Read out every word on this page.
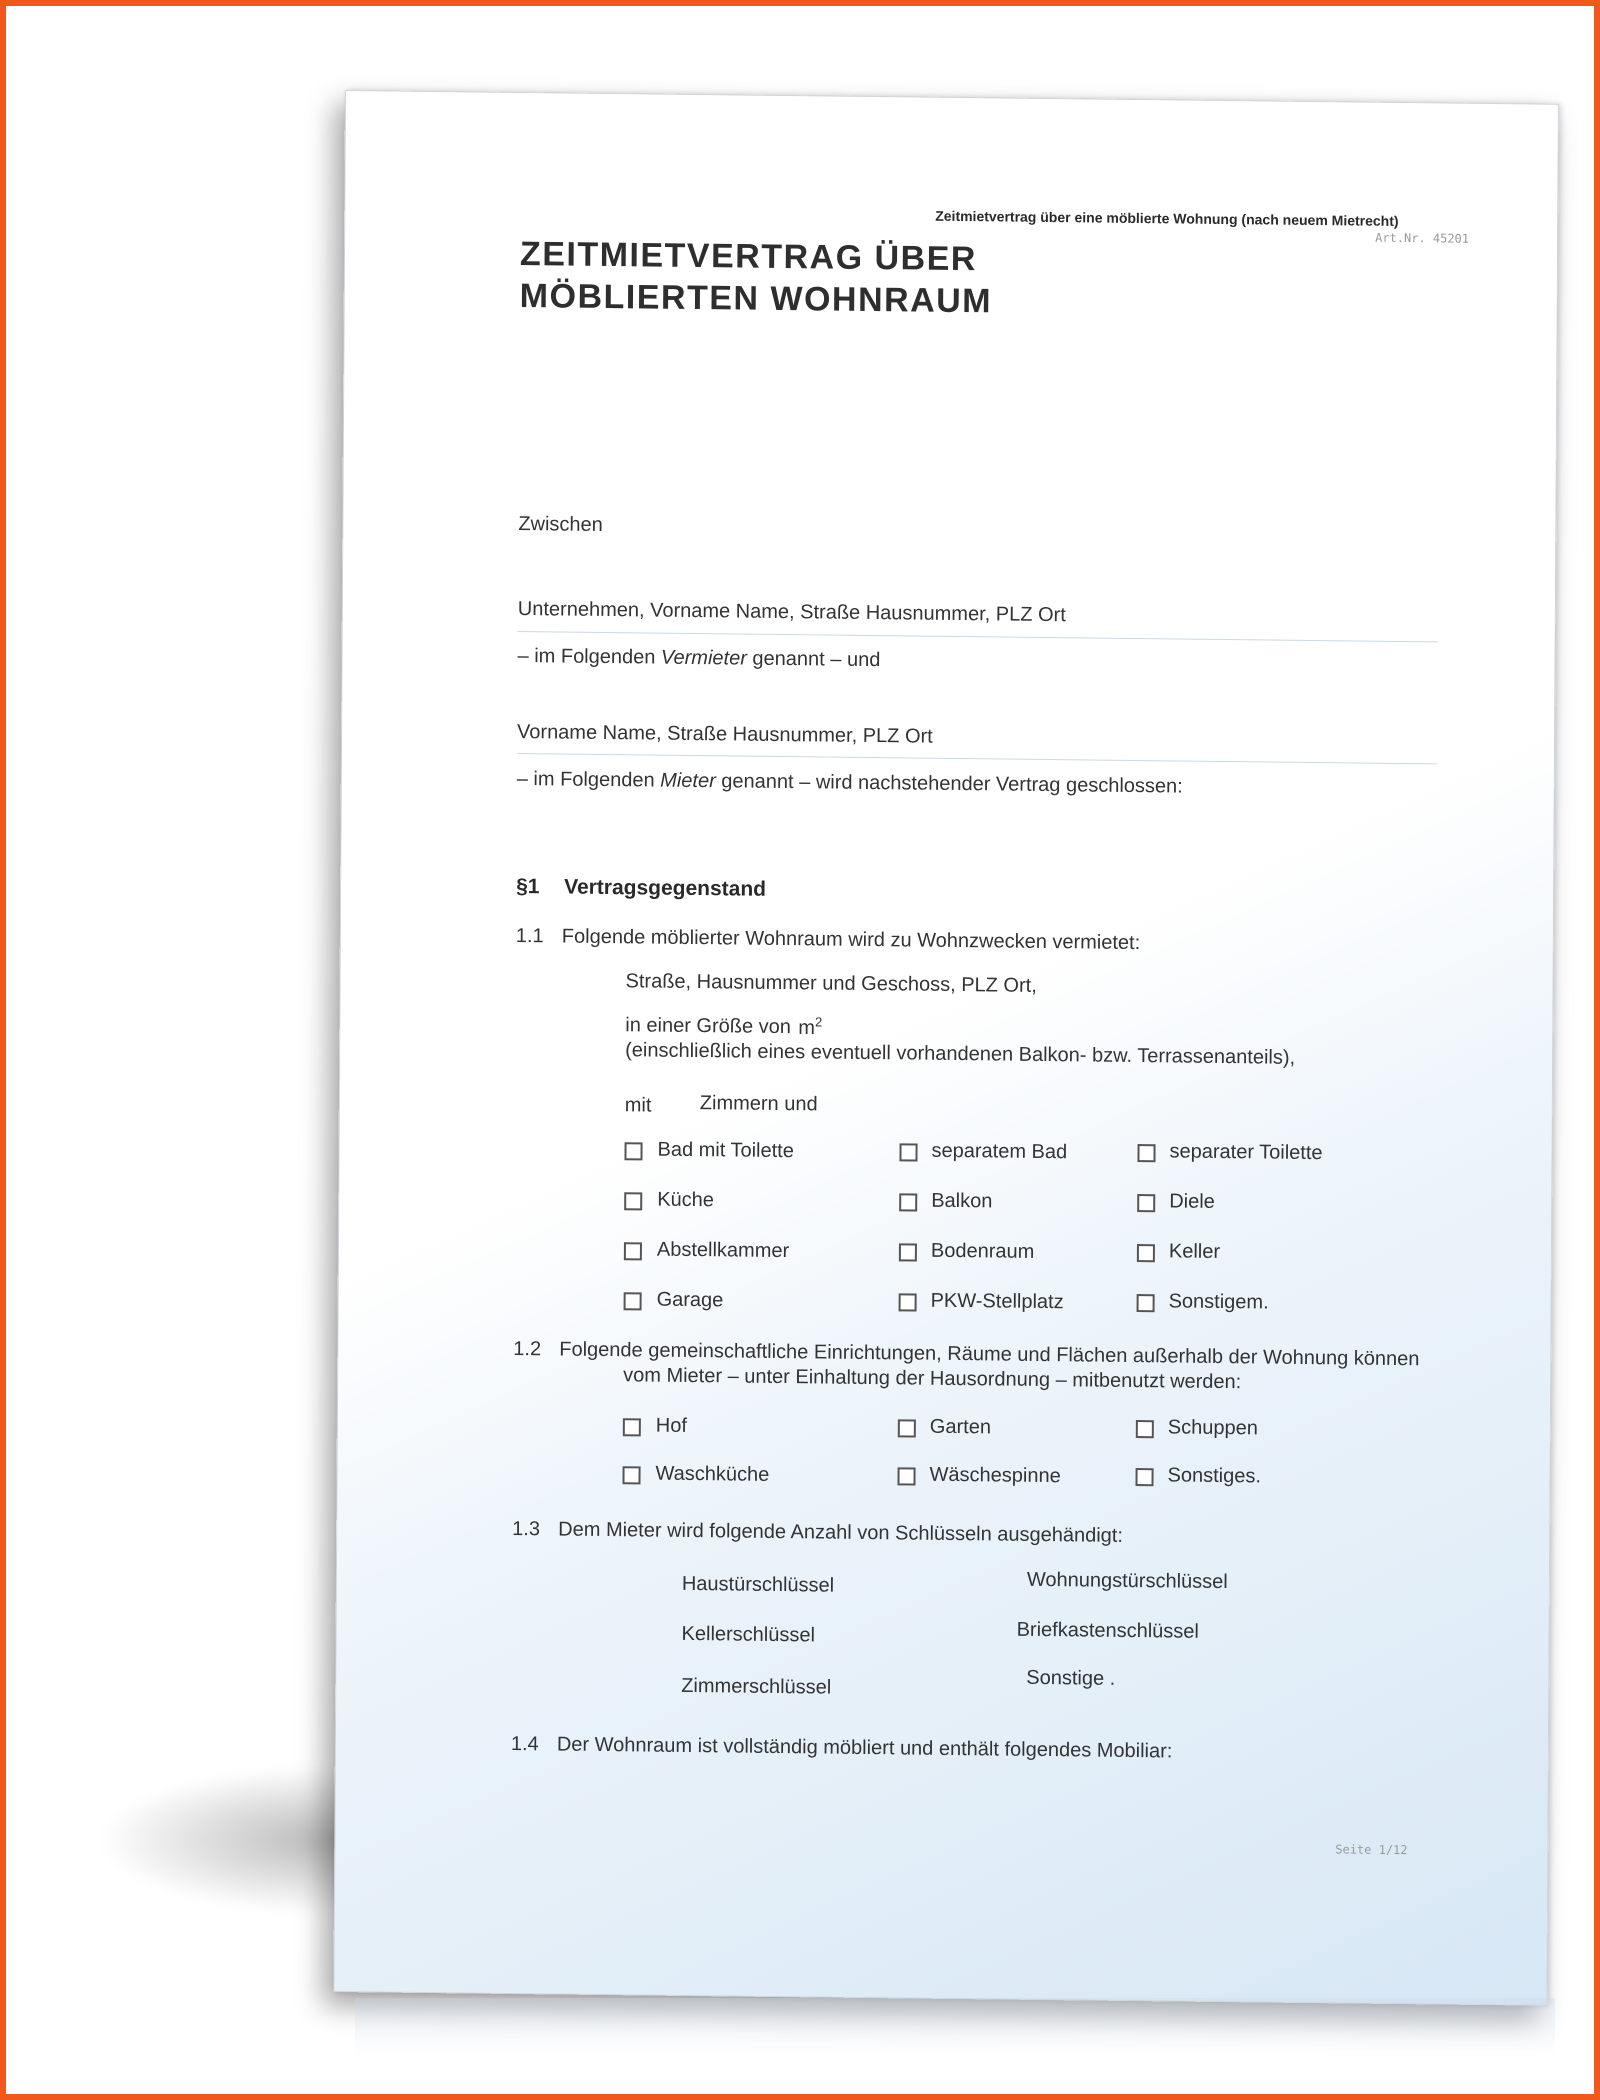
Zeitmietvertrag über eine möblierte Wohnung (nach neuem Mietrecht)
Art.Nr. 45201
ZEITMIETVERTRAG ÜBER
MÖBLIERTEN WOHNRAUM
Zwischen
Unternehmen, Vorname Name, Straße Hausnummer, PLZ Ort
– im Folgenden Vermieter genannt – und
Vorname Name, Straße Hausnummer, PLZ Ort
– im Folgenden Mieter genannt – wird nachstehender Vertrag geschlossen:
§1 Vertragsgegenstand
1.1 Folgende möblierter Wohnraum wird zu Wohnzwecken vermietet:
Straße, Hausnummer und Geschoss, PLZ Ort,
in einer Größe von $m^2$
(einschließlich eines eventuell vorhandenen Balkon- bzw. Terrassenanteils),
mit Zimmern und
Bad mit Toilette	separatem Bad	separater Toilette
Küche	Balkon	Diele
Abstellkammer	Bodenraum	Keller
Garage	PKW-Stellplatz	Sonstigem.
1.2 Folgende gemeinschaftliche Einrichtungen, Räume und Flächen außerhalb der Wohnung können
vom Mieter – unter Einhaltung der Hausordnung – mitbenutzt werden:
Hof	Garten	Schuppen
Waschküche	Wäschespinne	Sonstiges.
1.3 Dem Mieter wird folgende Anzahl von Schlüsseln ausgehändigt:
Haustürschlüssel
Kellerschlüssel
Zimmerschlüssel
Wohnungstürschlüssel
Briefkastenschlüssel
Sonstige .
1.4 Der Wohnraum ist vollständig möbliert und enthält folgendes Mobiliar:
Seite 1/12
